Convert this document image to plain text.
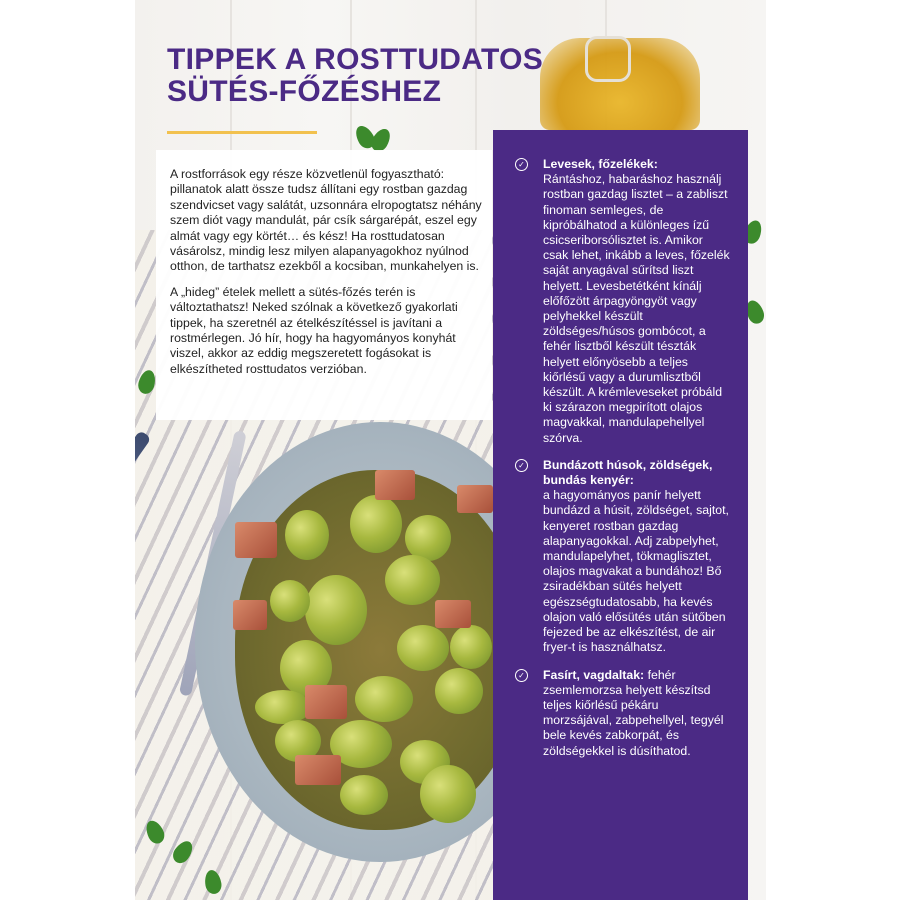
TIPPEK A ROSTTUDATOS
SÜTÉS-FŐZÉSHEZ

A rostforrások egy része közvetlenül fogyasztható: pillanatok alatt össze tudsz állítani egy rostban gazdag szendvicset vagy salátát, uzsonnára elropogtatsz néhány szem diót vagy mandulát, pár csík sárgarépát, eszel egy almát vagy egy körtét… és kész! Ha rosttudatosan vásárolsz, mindig lesz milyen alapanyagokhoz nyúlnod otthon, de tarthatsz ezekből a kocsiban, munkahelyen is.

A „hideg” ételek mellett a sütés-főzés terén is változtathatsz! Neked szólnak a következő gyakorlati tippek, ha szeretnél az ételkészítéssel is javítani a rostmérlegen. Jó hír, hogy ha hagyományos konyhát viszel, akkor az eddig megszeretett fogásokat is elkészítheted rosttudatos verzióban.

✓ Levesek, főzelékek:
Rántáshoz, habaráshoz használj rostban gazdag lisztet – a zabliszt finoman semleges, de kipróbálhatod a különleges ízű csicseriborsólisztet is. Amikor csak lehet, inkább a leves, főzelék saját anyagával sűrítsd liszt helyett. Levesbetétként kínálj előfőzött árpagyöngyöt vagy pelyhekkel készült zöldséges/húsos gombócot, a fehér lisztből készült tészták helyett előnyösebb a teljes kiőrlésű vagy a durumlisztből készült. A krémleveseket próbáld ki szárazon megpirított olajos magvakkal, mandulapehellyel szórva.
✓ Bundázott húsok, zöldségek, bundás kenyér:
a hagyományos panír helyett bundázd a húsit, zöldséget, sajtot, kenyeret rostban gazdag alapanyagokkal. Adj zabpelyhet, mandulapelyhet, tökmaglisztet, olajos magvakat a bundához! Bő zsiradékban sütés helyett egészségtudatosabb, ha kevés olajon való elősütés után sütőben fejezed be az elkészítést, de air fryer-t is használhatsz.
✓ Fasírt, vagdaltak: fehér zsemlemorzsa helyett készítsd teljes kiőrlésű pékáru morzsájával, zabpehellyel, tegyél bele kevés zabkorpát, és zöldségekkel is dúsíthatod.
